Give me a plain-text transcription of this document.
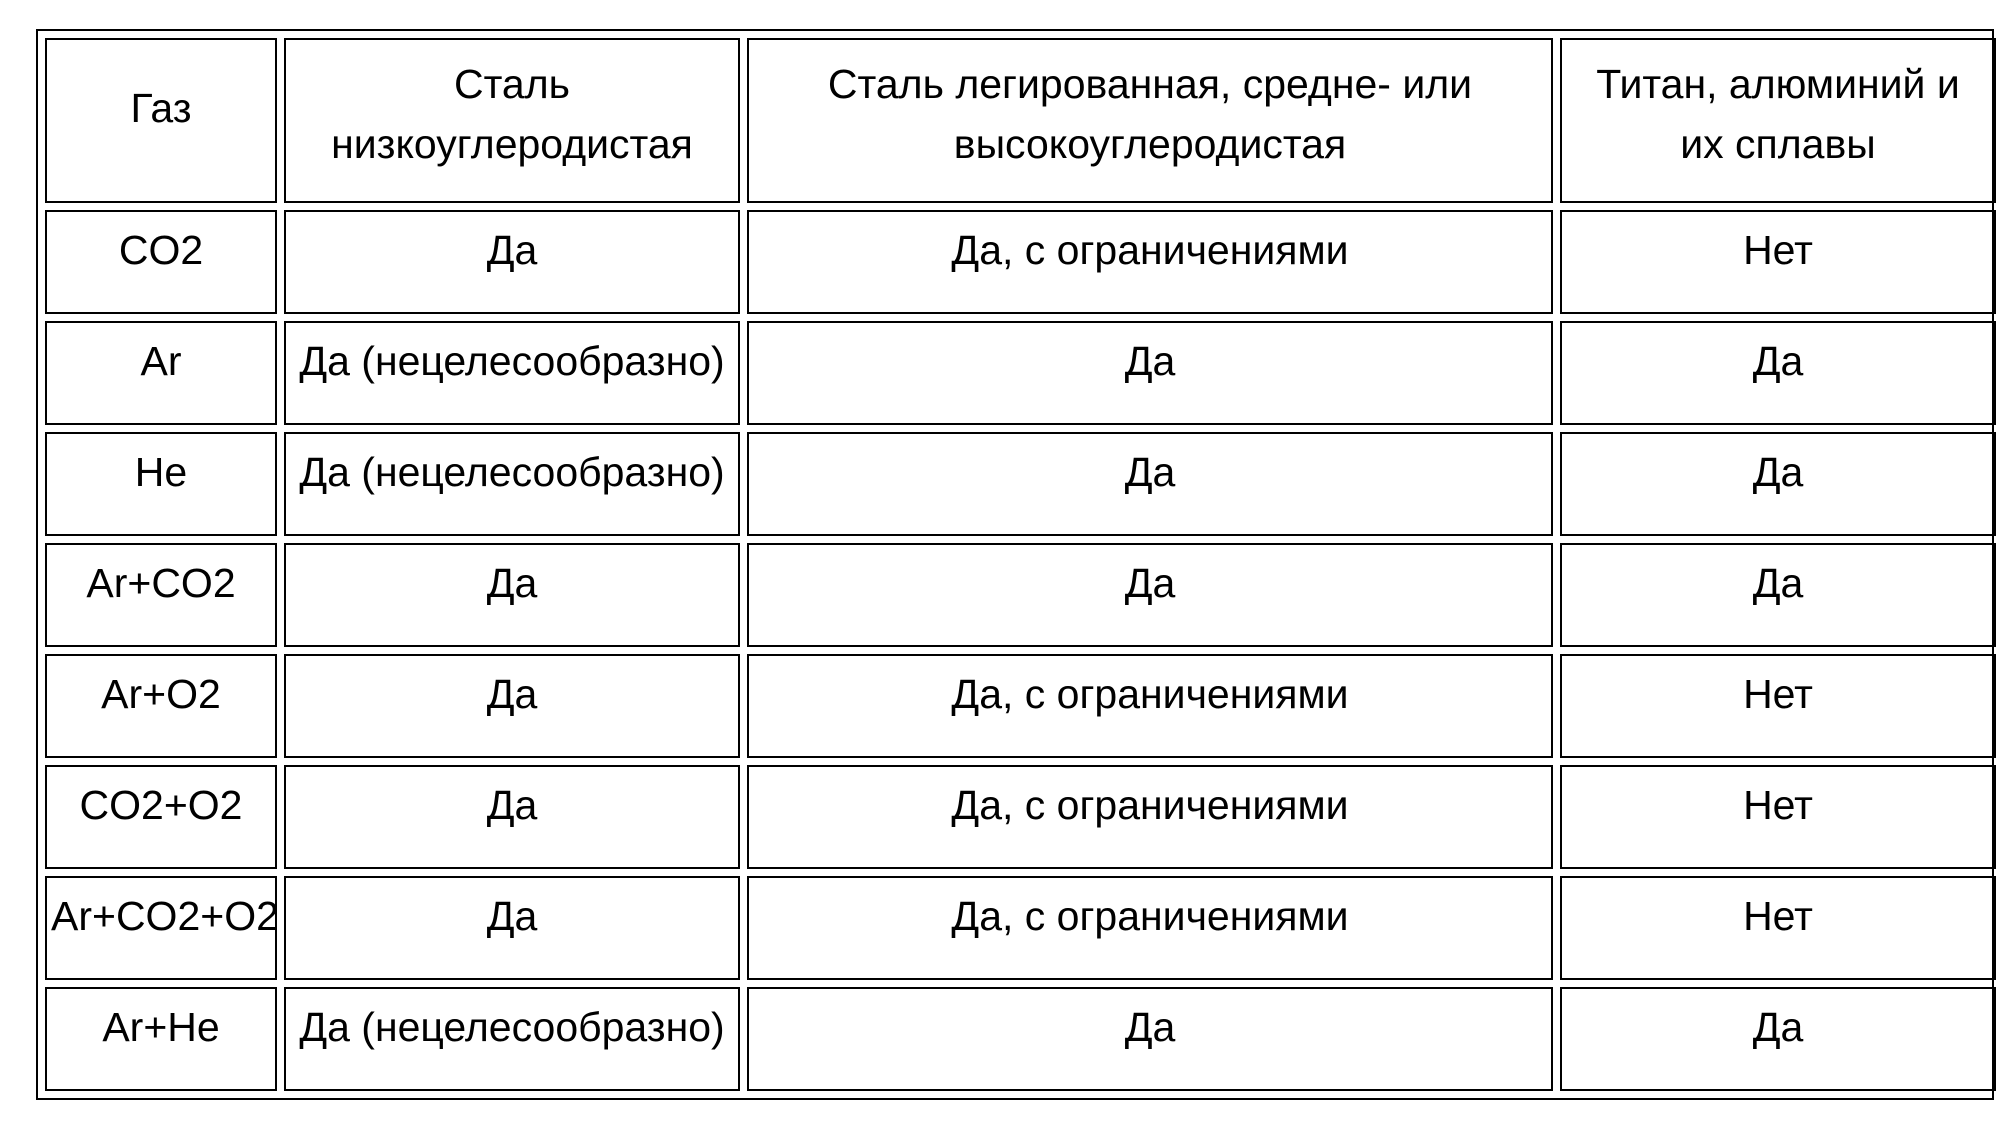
Газ	Сталь низкоуглеродистая	Сталь легированная, средне- или высокоуглеродистая	Титан, алюминий и их сплавы
CO2	Да	Да, с ограничениями	Нет
Ar	Да (нецелесообразно)	Да	Да
He	Да (нецелесообразно)	Да	Да
Ar+CO2	Да	Да	Да
Ar+O2	Да	Да, с ограничениями	Нет
CO2+O2	Да	Да, с ограничениями	Нет
Ar+CO2+O2	Да	Да, с ограничениями	Нет
Ar+He	Да (нецелесообразно)	Да	Да
